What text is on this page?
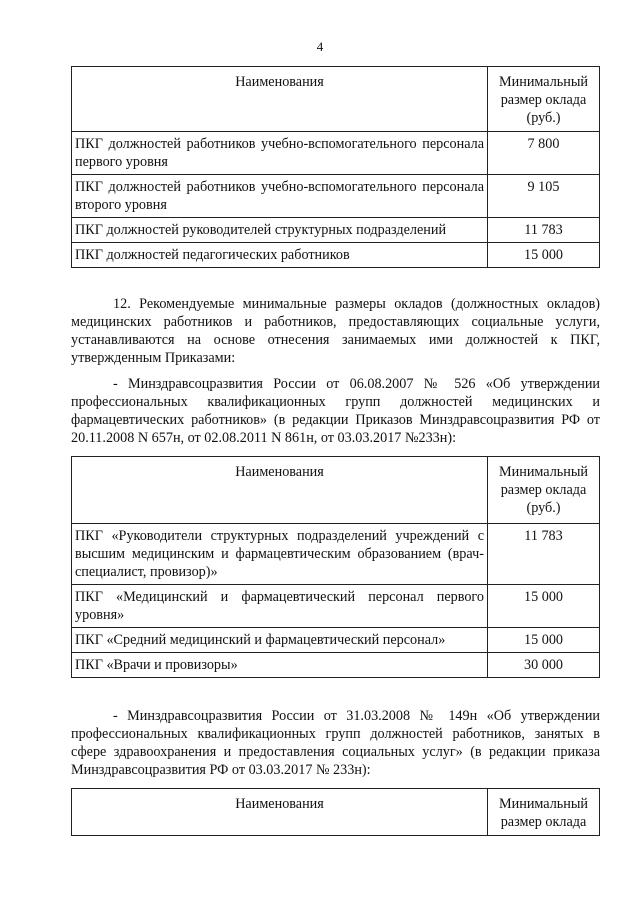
4
Наименования	Минимальный размер оклада (руб.)
ПКГ должностей работников учебно-вспомогательного персонала первого уровня	7 800
ПКГ должностей работников учебно-вспомогательного персонала второго уровня	9 105
ПКГ должностей руководителей структурных подразделений	11 783
ПКГ должностей педагогических работников	15 000

12. Рекомендуемые минимальные размеры окладов (должностных окладов) медицинских работников и работников, предоставляющих социальные услуги, устанавливаются на основе отнесения занимаемых ими должностей к ПКГ, утвержденным Приказами:

- Минздравсоцразвития России от 06.08.2007 № 526 «Об утверждении профессиональных квалификационных групп должностей медицинских и фармацевтических работников» (в редакции Приказов Минздравсоцразвития РФ от 20.11.2008 N 657н, от 02.08.2011 N 861н, от 03.03.2017 №233н):

Наименования	Минимальный размер оклада (руб.)
ПКГ «Руководители структурных подразделений учреждений с высшим медицинским и фармацевтическим образованием (врач-специалист, провизор)»	11 783
ПКГ «Медицинский и фармацевтический персонал первого уровня»	15 000
ПКГ «Средний медицинский и фармацевтический персонал»	15 000
ПКГ «Врачи и провизоры»	30 000

- Минздравсоцразвития России от 31.03.2008 № 149н «Об утверждении профессиональных квалификационных групп должностей работников, занятых в сфере здравоохранения и предоставления социальных услуг» (в редакции приказа Минздравсоцразвития РФ от 03.03.2017 № 233н):

Наименования	Минимальный размер оклада
